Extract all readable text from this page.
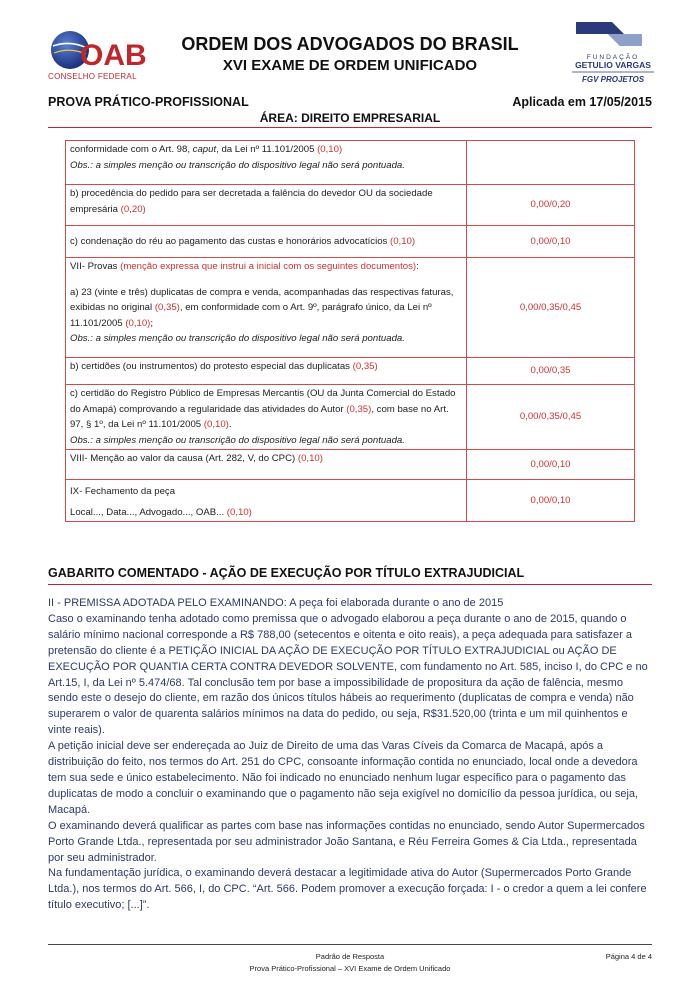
OAB
CONSELHO FEDERAL
ORDEM DOS ADVOGADOS DO BRASIL
XVI EXAME DE ORDEM UNIFICADO	FUNDAÇÃO
GETULIO VARGAS
FGV PROJETOS
PROVA PRÁTICO-PROFISSIONAL	Aplicada em 17/05/2015
ÁREA: DIREITO EMPRESARIAL
conformidade com o Art. 98, caput, da Lei nº 11.101/2005 (0,10)
Obs.: a simples menção ou transcrição do dispositivo legal não será pontuada.	

b) procedência do pedido para ser decretada a falência do devedor OU da sociedade empresária (0,20)	0,00/0,20
c) condenação do réu ao pagamento das custas e honorários advocatícios (0,10)	0,00/0,10
VII- Provas (menção expressa que instrui a inicial com os seguintes documentos):
a) 23 (vinte e três) duplicatas de compra e venda, acompanhadas das respectivas faturas, exibidas no original (0,35), em conformidade com o Art. 9º, parágrafo único, da Lei nº 11.101/2005 (0,10);
Obs.: a simples menção ou transcrição do dispositivo legal não será pontuada.	0,00/0,35/0,45
b) certidões (ou instrumentos) do protesto especial das duplicatas (0,35)	0,00/0,35
c) certidão do Registro Público de Empresas Mercantis (OU da Junta Comercial do Estado do Amapá) comprovando a regularidade das atividades do Autor (0,35), com base no Art. 97, § 1º, da Lei nº 11.101/2005 (0,10).
Obs.: a simples menção ou transcrição do dispositivo legal não será pontuada.	0,00/0,35/0,45
VIII- Menção ao valor da causa (Art. 282, V, do CPC) (0,10)	0,00/0,10

IX- Fechamento da peça
Local..., Data..., Advogado..., OAB... (0,10)	0,00/0,10
GABARITO COMENTADO - AÇÃO DE EXECUÇÃO POR TÍTULO EXTRAJUDICIAL

II - PREMISSA ADOTADA PELO EXAMINANDO: A peça foi elaborada durante o ano de 2015

Caso o examinando tenha adotado como premissa que o advogado elaborou a peça durante o ano de 2015, quando o salário mínimo nacional corresponde a R$ 788,00 (setecentos e oitenta e oito reais), a peça adequada para satisfazer a pretensão do cliente é a PETIÇÃO INICIAL DA AÇÃO DE EXECUÇÃO POR TÍTULO EXTRAJUDICIAL ou AÇÃO DE EXECUÇÃO POR QUANTIA CERTA CONTRA DEVEDOR SOLVENTE, com fundamento no Art. 585, inciso I, do CPC e no Art.15, I, da Lei nº 5.474/68. Tal conclusão tem por base a impossibilidade de propositura da ação de falência, mesmo sendo este o desejo do cliente, em razão dos únicos títulos hábeis ao requerimento (duplicatas de compra e venda) não superarem o valor de quarenta salários mínimos na data do pedido, ou seja, R$31.520,00 (trinta e um mil quinhentos e vinte reais).

A petição inicial deve ser endereçada ao Juiz de Direito de uma das Varas Cíveis da Comarca de Macapá, após a distribuição do feito, nos termos do Art. 251 do CPC, consoante informação contida no enunciado, local onde a devedora tem sua sede e único estabelecimento. Não foi indicado no enunciado nenhum lugar específico para o pagamento das duplicatas de modo a concluir o examinando que o pagamento não seja exigível no domicílio da pessoa jurídica, ou seja, Macapá.

O examinando deverá qualificar as partes com base nas informações contidas no enunciado, sendo Autor Supermercados Porto Grande Ltda., representada por seu administrador João Santana, e Réu Ferreira Gomes & Cia Ltda., representada por seu administrador.

Na fundamentação jurídica, o examinando deverá destacar a legitimidade ativa do Autor (Supermercados Porto Grande Ltda.), nos termos do Art. 566, I, do CPC. “Art. 566. Podem promover a execução forçada: I - o credor a quem a lei confere título executivo; [...]”.

Padrão de Resposta
Prova Prático-Profissional – XVI Exame de Ordem Unificado
Página 4 de 4
